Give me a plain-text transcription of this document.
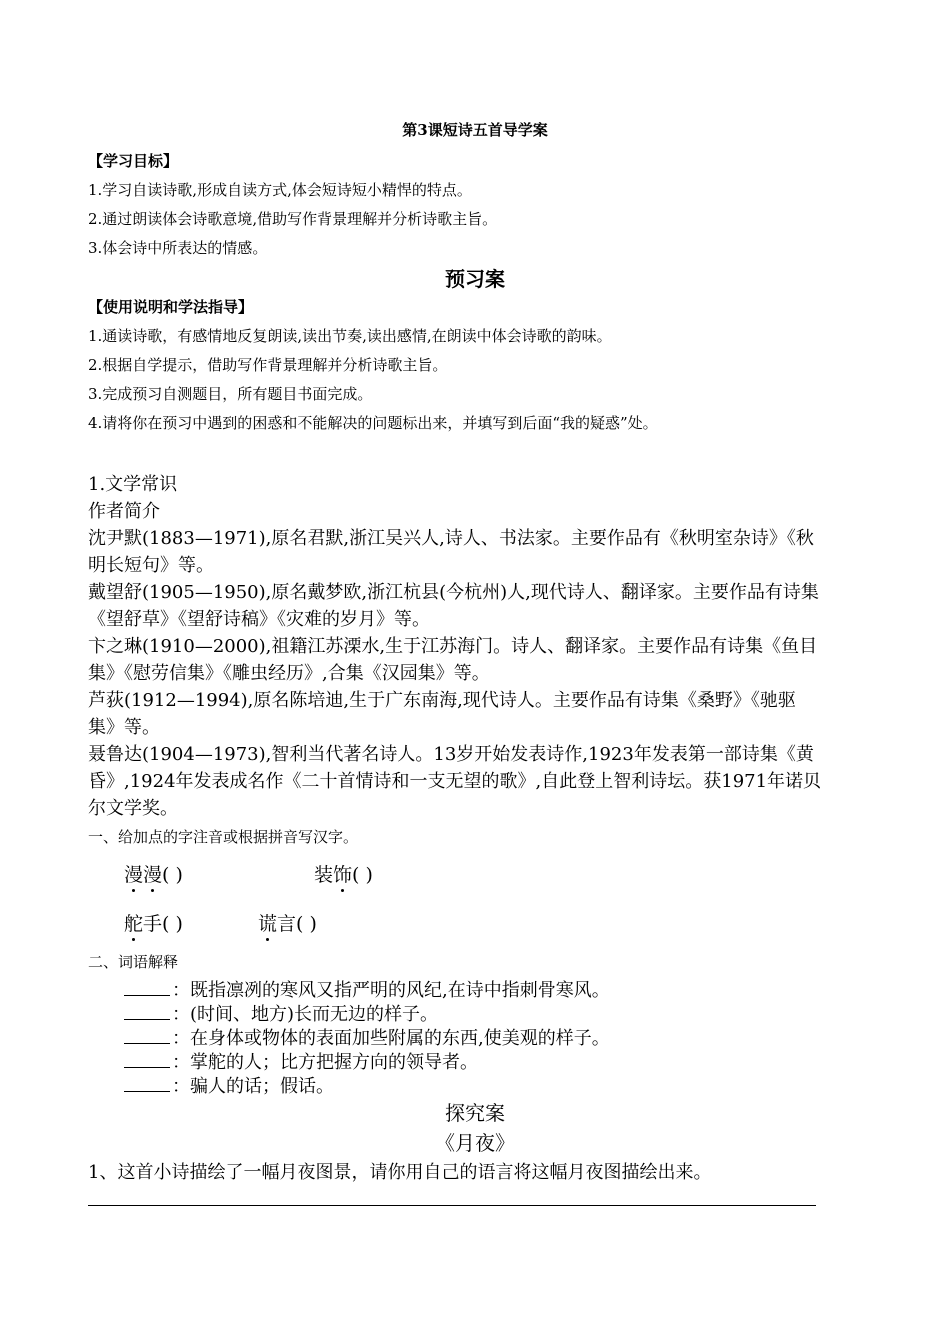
第3课短诗五首导学案
【学习目标】
1.学习自读诗歌,形成自读方式,体会短诗短小精悍的特点。
2.通过朗读体会诗歌意境,借助写作背景理解并分析诗歌主旨。
3.体会诗中所表达的情感。
预习案
【使用说明和学法指导】
1.通读诗歌，有感情地反复朗读,读出节奏,读出感情,在朗读中体会诗歌的韵味。
2.根据自学提示，借助写作背景理解并分析诗歌主旨。
3.完成预习自测题目，所有题目书面完成。
4.请将你在预习中遇到的困惑和不能解决的问题标出来，并填写到后面“我的疑惑”处。
1.文学常识
作者简介
沈尹默(1883—1971),原名君默,浙江吴兴人,诗人、书法家。主要作品有《秋明室杂诗》《秋
明长短句》等。
戴望舒(1905—1950),原名戴梦欧,浙江杭县(今杭州)人,现代诗人、翻译家。主要作品有诗集
《望舒草》《望舒诗稿》《灾难的岁月》等。
卞之琳(1910—2000),祖籍江苏溧水,生于江苏海门。诗人、翻译家。主要作品有诗集《鱼目
集》《慰劳信集》《雕虫经历》,合集《汉园集》等。
芦荻(1912—1994),原名陈培迪,生于广东南海,现代诗人。主要作品有诗集《桑野》《驰驱
集》等。
聂鲁达(1904—1973),智利当代著名诗人。13岁开始发表诗作,1923年发表第一部诗集《黄
昏》,1924年发表成名作《二十首情诗和一支无望的歌》,自此登上智利诗坛。获1971年诺贝
尔文学奖。
一、给加点的字注音或根据拼音写汉字。
漫漫( )	装饰( )
舵手( )	谎言( )
二、词语解释
：既指凛冽的寒风又指严明的风纪,在诗中指刺骨寒风。
：(时间、地方)长而无边的样子。
：在身体或物体的表面加些附属的东西,使美观的样子。
：掌舵的人；比方把握方向的领导者。
：骗人的话；假话。
探究案
《月夜》
1、这首小诗描绘了一幅月夜图景，请你用自己的语言将这幅月夜图描绘出来。
